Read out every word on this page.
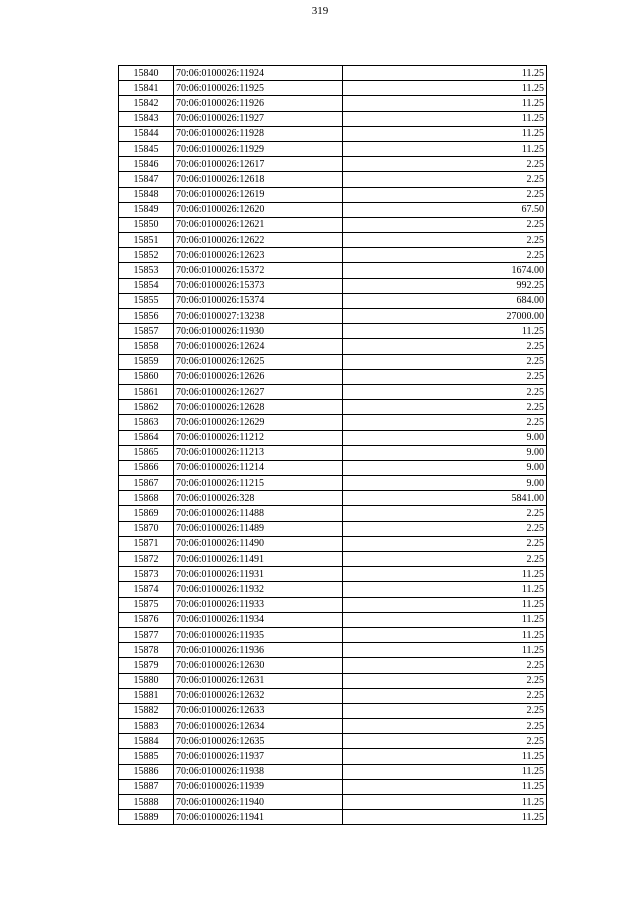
319
15840	70:06:0100026:11924	11.25
15841	70:06:0100026:11925	11.25
15842	70:06:0100026:11926	11.25
15843	70:06:0100026:11927	11.25
15844	70:06:0100026:11928	11.25
15845	70:06:0100026:11929	11.25
15846	70:06:0100026:12617	2.25
15847	70:06:0100026:12618	2.25
15848	70:06:0100026:12619	2.25
15849	70:06:0100026:12620	67.50
15850	70:06:0100026:12621	2.25
15851	70:06:0100026:12622	2.25
15852	70:06:0100026:12623	2.25
15853	70:06:0100026:15372	1674.00
15854	70:06:0100026:15373	992.25
15855	70:06:0100026:15374	684.00
15856	70:06:0100027:13238	27000.00
15857	70:06:0100026:11930	11.25
15858	70:06:0100026:12624	2.25
15859	70:06:0100026:12625	2.25
15860	70:06:0100026:12626	2.25
15861	70:06:0100026:12627	2.25
15862	70:06:0100026:12628	2.25
15863	70:06:0100026:12629	2.25
15864	70:06:0100026:11212	9.00
15865	70:06:0100026:11213	9.00
15866	70:06:0100026:11214	9.00
15867	70:06:0100026:11215	9.00
15868	70:06:0100026:328	5841.00
15869	70:06:0100026:11488	2.25
15870	70:06:0100026:11489	2.25
15871	70:06:0100026:11490	2.25
15872	70:06:0100026:11491	2.25
15873	70:06:0100026:11931	11.25
15874	70:06:0100026:11932	11.25
15875	70:06:0100026:11933	11.25
15876	70:06:0100026:11934	11.25
15877	70:06:0100026:11935	11.25
15878	70:06:0100026:11936	11.25
15879	70:06:0100026:12630	2.25
15880	70:06:0100026:12631	2.25
15881	70:06:0100026:12632	2.25
15882	70:06:0100026:12633	2.25
15883	70:06:0100026:12634	2.25
15884	70:06:0100026:12635	2.25
15885	70:06:0100026:11937	11.25
15886	70:06:0100026:11938	11.25
15887	70:06:0100026:11939	11.25
15888	70:06:0100026:11940	11.25
15889	70:06:0100026:11941	11.25
